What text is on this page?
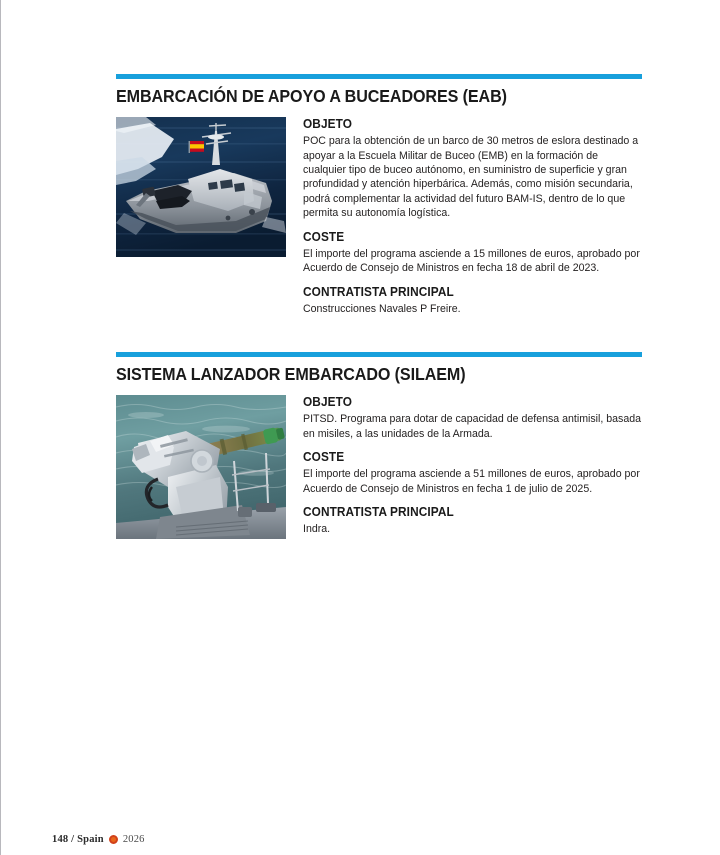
EMBARCACIÓN DE APOYO A BUCEADORES (EAB)
OBJETO

POC para la obtención de un barco de 30 metros de eslora destinado a apoyar a la Escuela Militar de Buceo (EMB) en la formación de cualquier tipo de buceo autónomo, en suministro de superficie y gran profundidad y atención hiperbárica. Además, como misión secundaria, podrá complementar la actividad del futuro BAM-IS, dentro de lo que permita su autonomía logística.

COSTE

El importe del programa asciende a 15 millones de euros, aprobado por Acuerdo de Consejo de Ministros en fecha 18 de abril de 2023.

CONTRATISTA PRINCIPAL

Construcciones Navales P Freire.

SISTEMA LANZADOR EMBARCADO (SILAEM)
OBJETO

PITSD. Programa para dotar de capacidad de defensa antimisil, basada en misiles, a las unidades de la Armada.

COSTE

El importe del programa asciende a 51 millones de euros, aprobado por Acuerdo de Consejo de Ministros en fecha 1 de julio de 2025.

CONTRATISTA PRINCIPAL

Indra.

148 / Spain 2026
